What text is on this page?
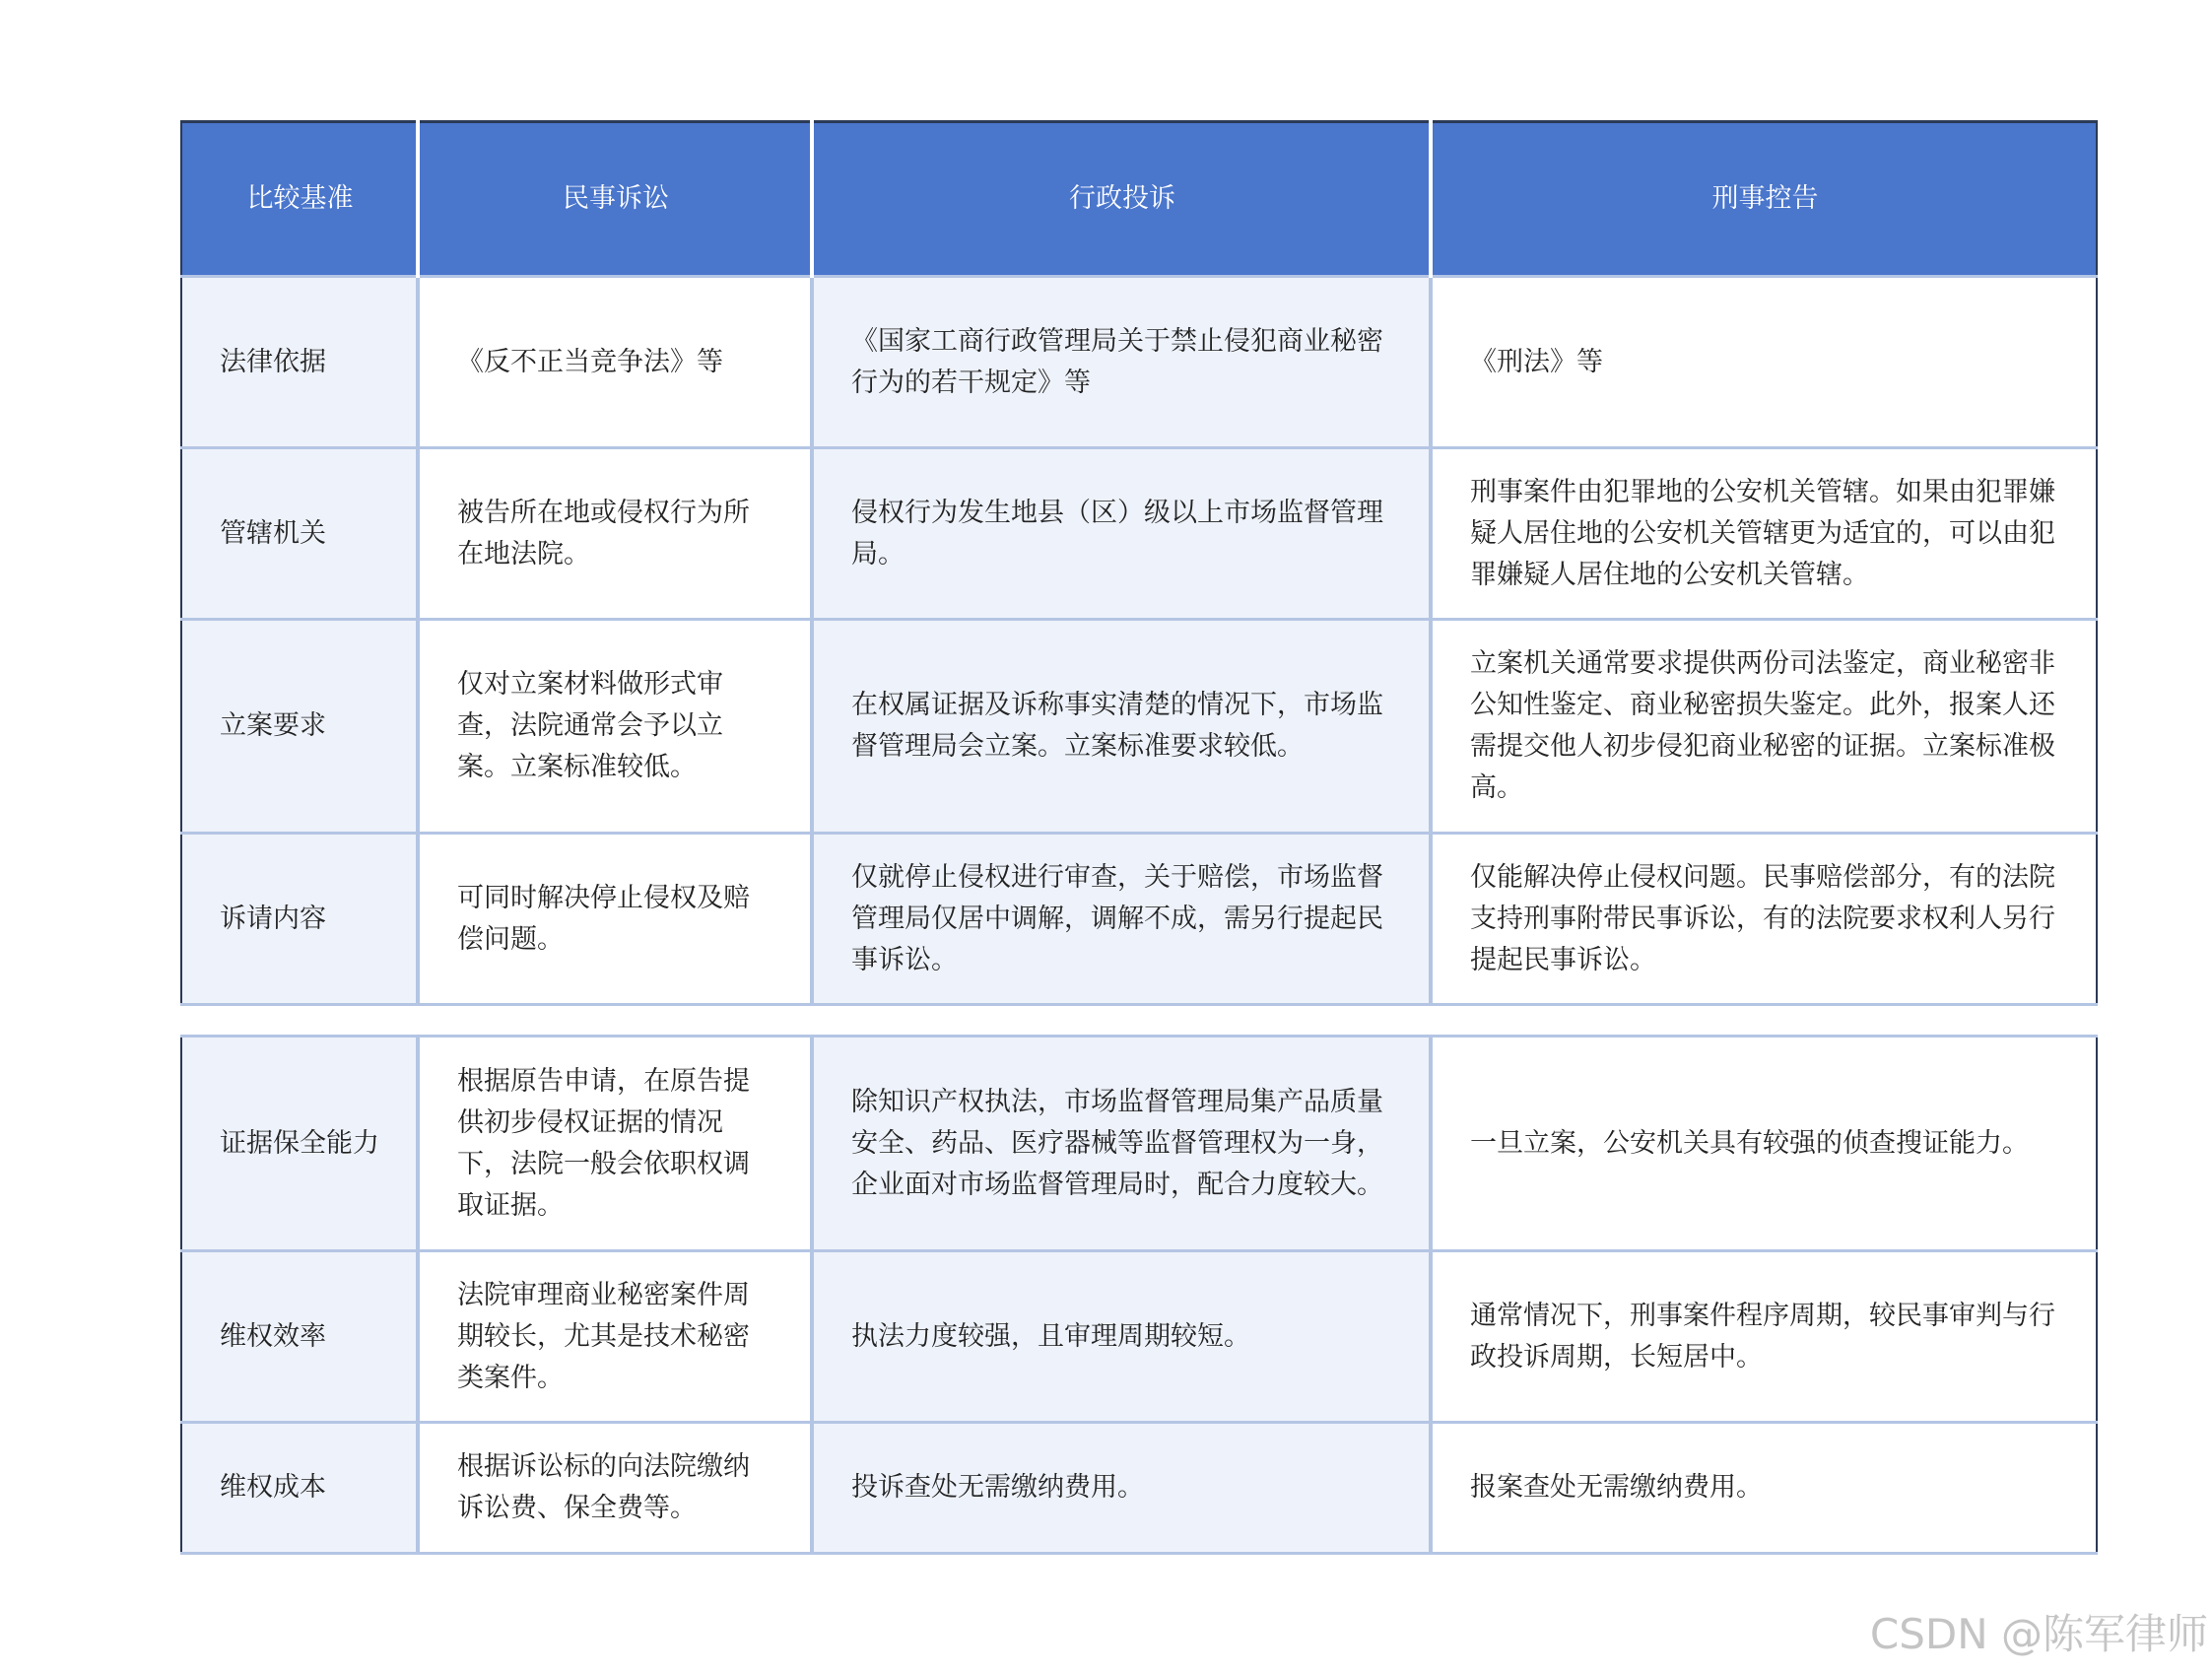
比较基准	民事诉讼	行政投诉	刑事控告
法律依据	《反不正当竞争法》等	《国家工商行政管理局关于禁止侵犯商业秘密行为的若干规定》等	《刑法》等
管辖机关	被告所在地或侵权行为所在地法院。	侵权行为发生地县（区）级以上市场监督管理局。	刑事案件由犯罪地的公安机关管辖。如果由犯罪嫌疑人居住地的公安机关管辖更为适宜的，可以由犯罪嫌疑人居住地的公安机关管辖。
立案要求	仅对立案材料做形式审查，法院通常会予以立案。立案标准较低。	在权属证据及诉称事实清楚的情况下，市场监督管理局会立案。立案标准要求较低。	立案机关通常要求提供两份司法鉴定，商业秘密非公知性鉴定、商业秘密损失鉴定。此外，报案人还需提交他人初步侵犯商业秘密的证据。立案标准极高。
诉请内容	可同时解决停止侵权及赔偿问题。	仅就停止侵权进行审查，关于赔偿，市场监督管理局仅居中调解，调解不成，需另行提起民事诉讼。	仅能解决停止侵权问题。民事赔偿部分，有的法院支持刑事附带民事诉讼，有的法院要求权利人另行提起民事诉讼。
证据保全能力	根据原告申请，在原告提供初步侵权证据的情况下，法院一般会依职权调取证据。	除知识产权执法，市场监督管理局集产品质量安全、药品、医疗器械等监督管理权为一身，企业面对市场监督管理局时，配合力度较大。	一旦立案，公安机关具有较强的侦查搜证能力。
维权效率	法院审理商业秘密案件周期较长，尤其是技术秘密类案件。	执法力度较强，且审理周期较短。	通常情况下，刑事案件程序周期，较民事审判与行政投诉周期，长短居中。
维权成本	根据诉讼标的向法院缴纳诉讼费、保全费等。	投诉查处无需缴纳费用。	报案查处无需缴纳费用。
CSDN @陈军律师
